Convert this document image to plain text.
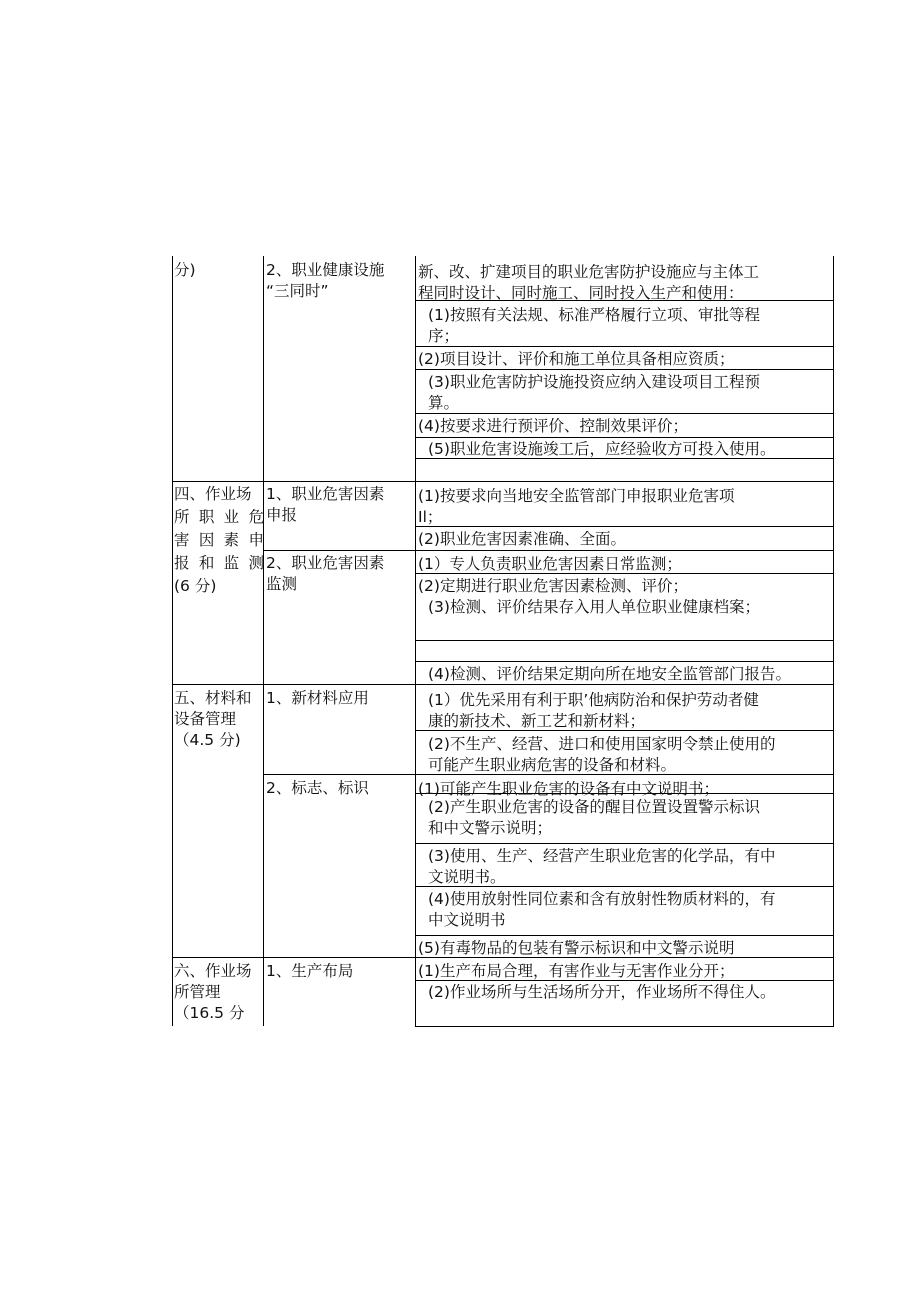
分)
四、作业场
所职业危
害因素申
报和监测
(6 分)
五、材料和
设备管理
（4.5 分)
六、作业场
所管理
（16.5 分
2、职业健康设施
“三同时”
1、职业危害因素
申报
2、职业危害因素
监测
1、新材料应用
2、标志、标识
1、生产布局
新、改、扩建项目的职业危害防护设施应与主体工
程同时设计、同时施工、同时投入生产和使用：
(1)按照有关法规、标准严格履行立项、审批等程
序；
(2)项目设计、评价和施工单位具备相应资质；
(3)职业危害防护设施投资应纳入建设项目工程预
算。
(4)按要求进行预评价、控制效果评价；
(5)职业危害设施竣工后，应经验收方可投入使用。
(1)按要求向当地安全监管部门申报职业危害项
Il；
(2)职业危害因素准确、全面。
(1）专人负责职业危害因素日常监测；
(2)定期进行职业危害因素检测、评价；
(3)检测、评价结果存入用人单位职业健康档案；
(4)检测、评价结果定期向所在地安全监管部门报告。
(1）优先采用有利于职’他病防治和保护劳动者健
康的新技术、新工艺和新材料；
(2)不生产、经营、进口和使用国家明令禁止使用的
可能产生职业病危害的设备和材料。
(1)可能产生职业危害的设备有中文说明书；
(2)产生职业危害的设备的醒目位置设置警示标识
和中文警示说明；
(3)使用、生产、经营产生职业危害的化学品，有中
文说明书。
(4)使用放射性同位素和含有放射性物质材料的，有
中文说明书
(5)有毒物品的包装有警示标识和中文警示说明
(1)生产布局合理，有害作业与无害作业分开；
(2)作业场所与生活场所分开，作业场所不得住人。
